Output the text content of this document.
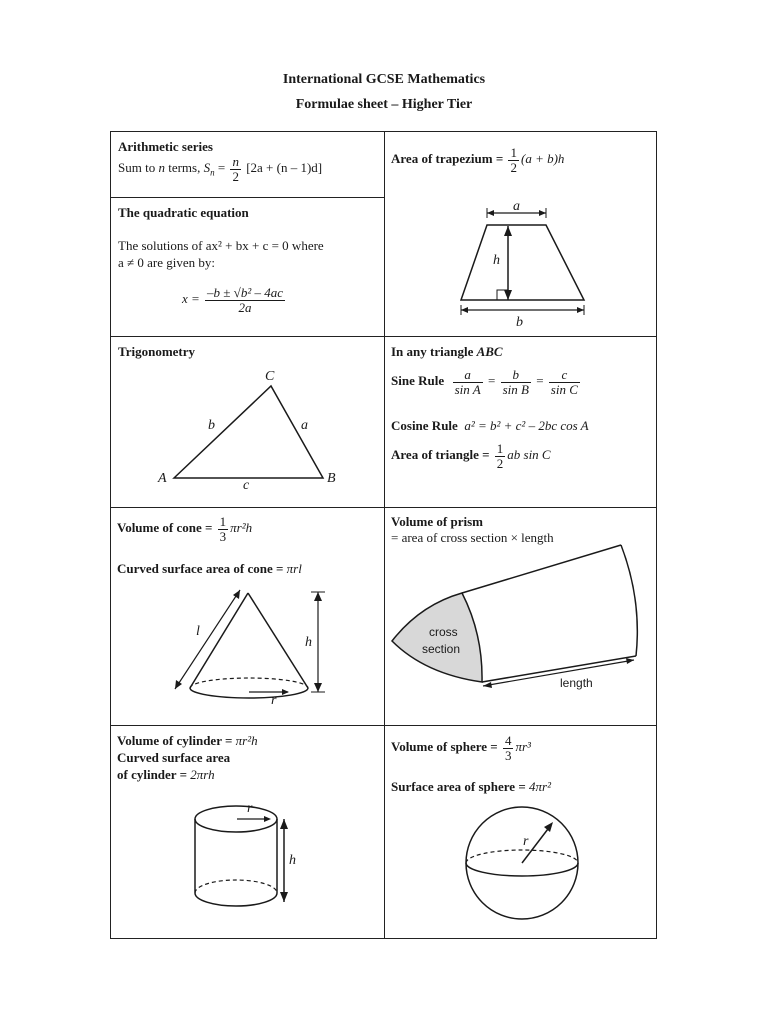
International GCSE Mathematics
Formulae sheet – Higher Tier
Arithmetic series
Sum to n terms, $S_n = \frac{n}{2} [2a + (n - 1)d]$
The quadratic equation
The solutions of ax² + bx + c = 0 where
a ≠ 0 are given by:
$x = \frac{\text{–b ± √b² – 4ac}}{2a}$
Area of trapezium = $\frac{1}{2} (a + b)h$
a
h
b
Trigonometry
C
A	B
b	a
c
In any triangle ABC
Sine Rule $\frac{a}{\text{sin A}} = \frac{b}{\text{sin B}} = \frac{c}{\text{sin C}}$
Cosine Rule a² = b² + c² – 2bc cos A
Area of triangle = $\frac{1}{2}$ ab sin C
Volume of cone = $\frac{1}{3} \pi r^2h$
Curved surface area of cone = πrl
l
h
r
Volume of prism
= area of cross section × length
cross
section
length
Volume of cylinder = πr²h
Curved surface area
of cylinder = 2πrh
r
h
Volume of sphere = $\frac{4}{3} \pi r^3$
Surface area of sphere = 4πr²
r
